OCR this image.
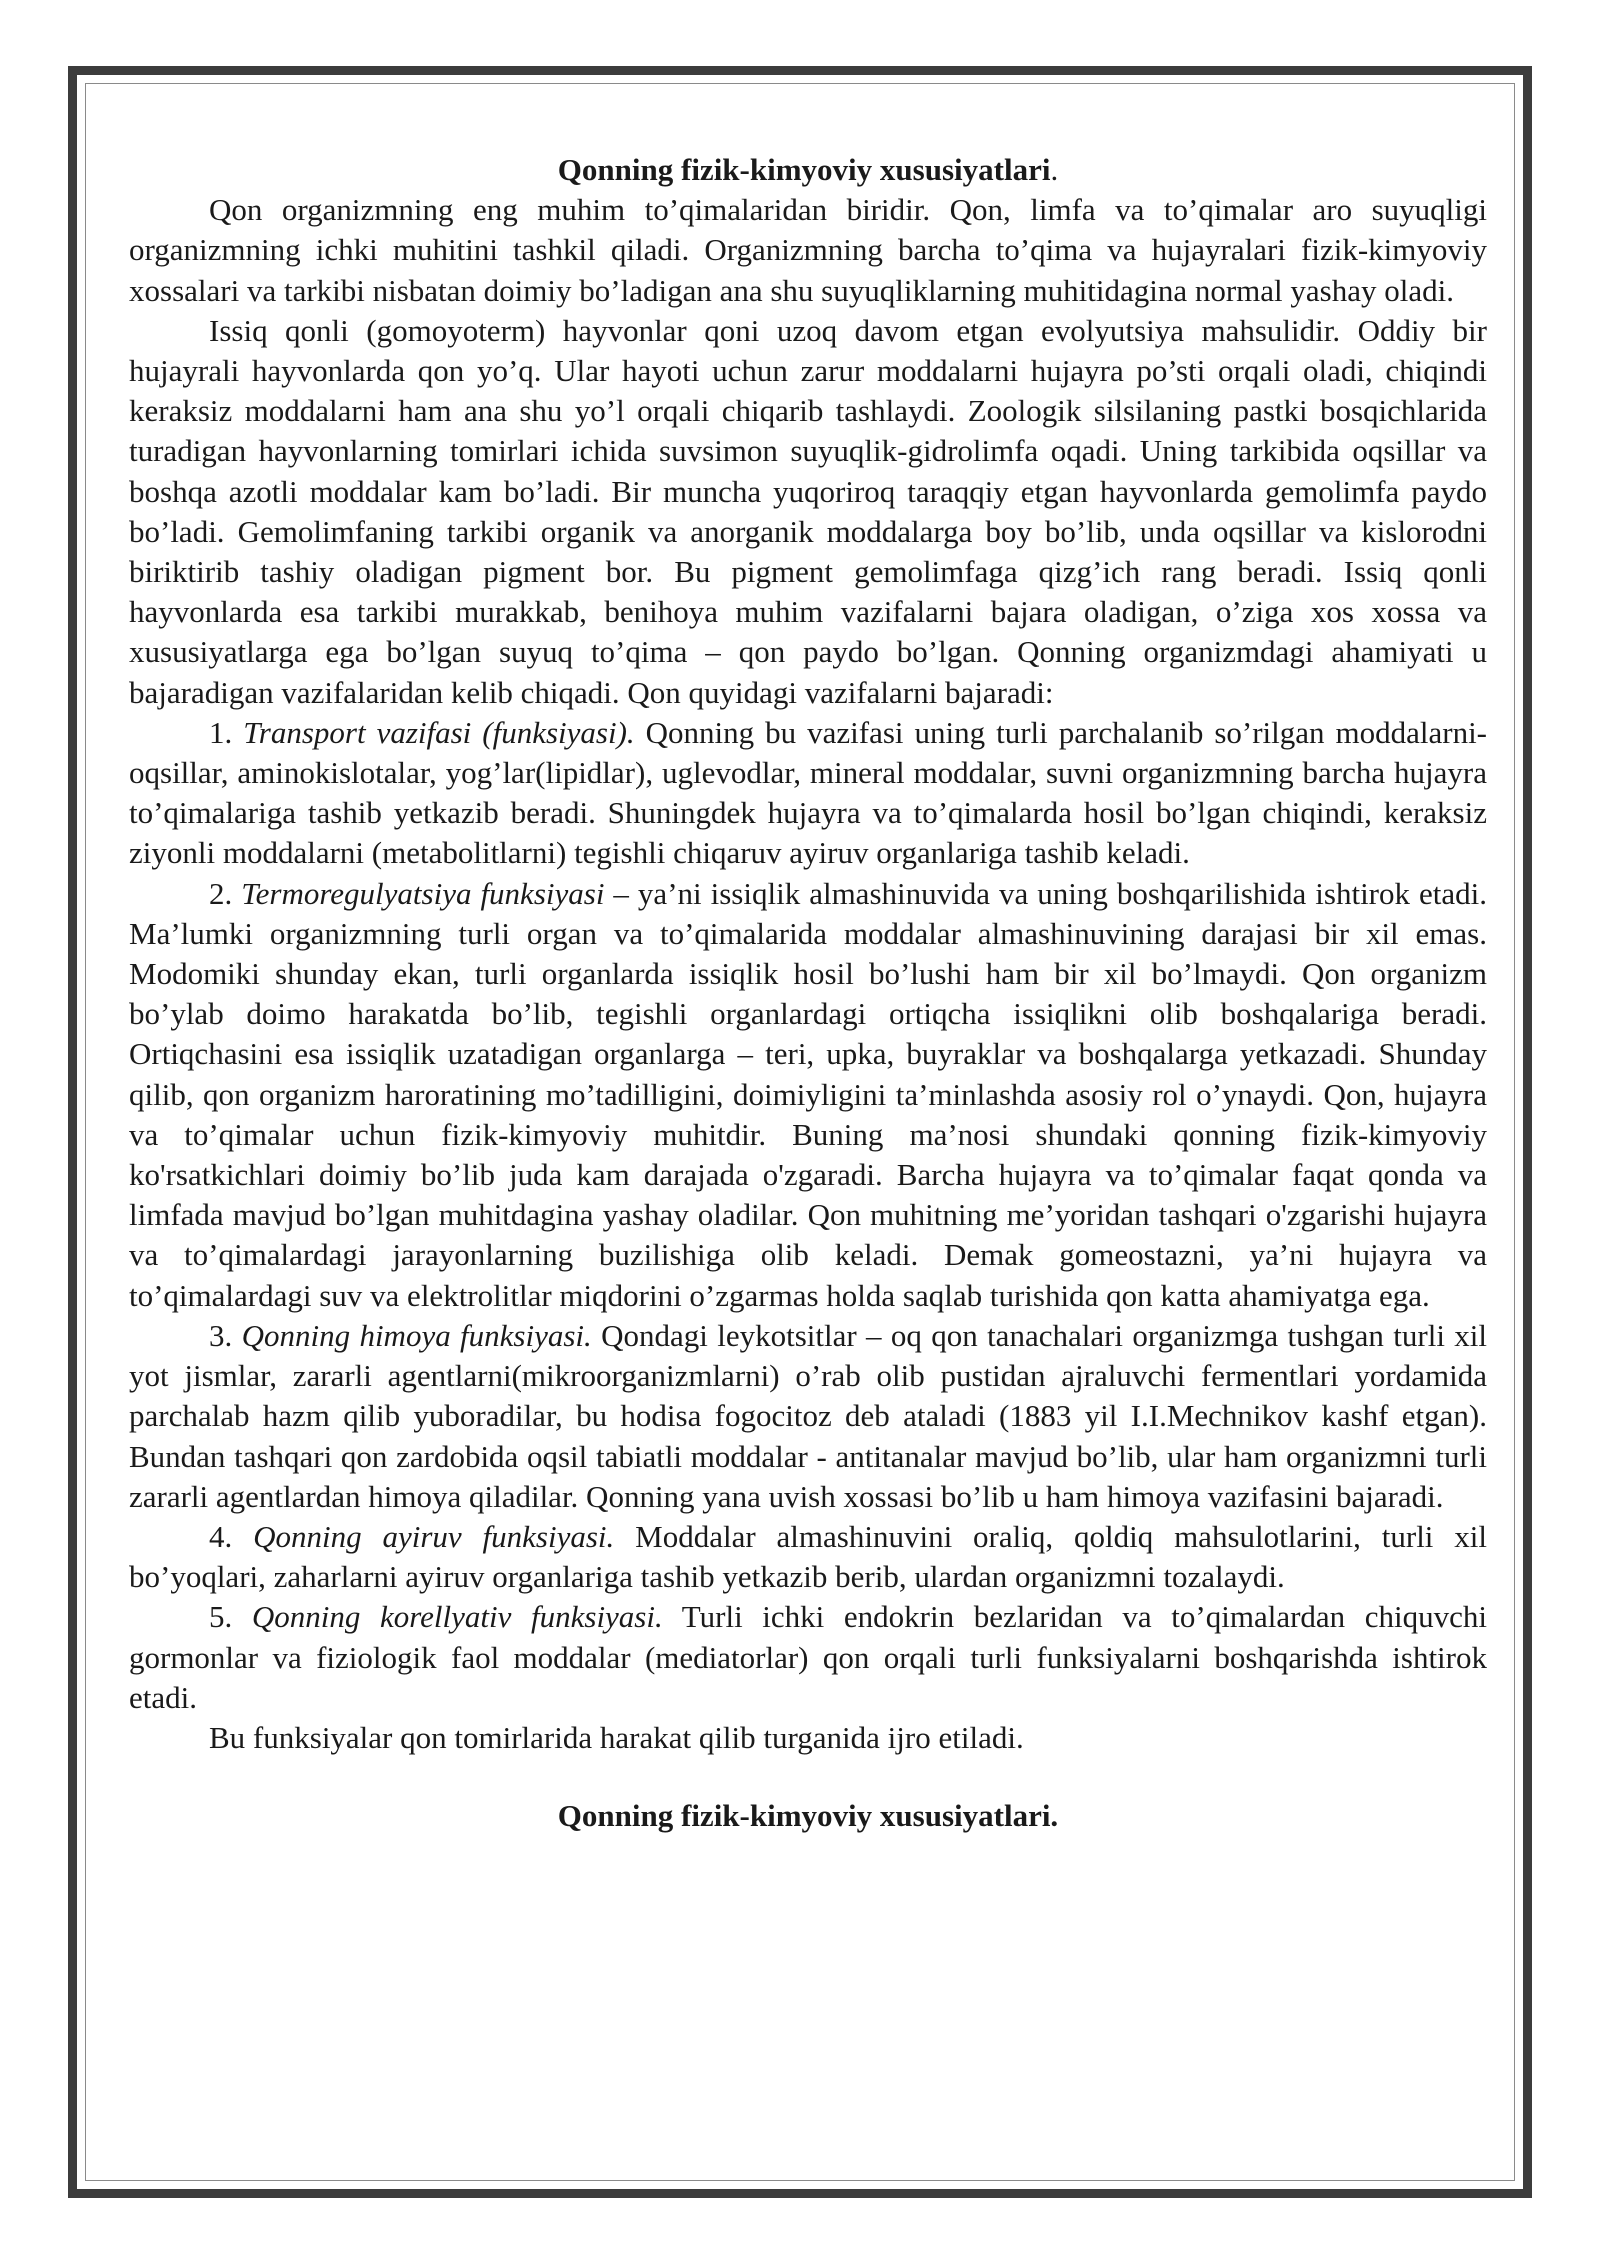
Qonning fizik-kimyoviy xususiyatlari.

Qon organizmning eng muhim to’qimalaridan biridir. Qon, limfa va to’qimalar aro suyuqligi organizmning ichki muhitini tashkil qiladi. Organizmning barcha to’qima va hujayralari fizik-kimyoviy xossalari va tarkibi nisbatan doimiy bo’ladigan ana shu suyuqliklarning muhitidagina normal yashay oladi.

Issiq qonli (gomoyoterm) hayvonlar qoni uzoq davom etgan evolyutsiya mahsulidir. Oddiy bir hujayrali hayvonlarda qon yo’q. Ular hayoti uchun zarur moddalarni hujayra po’sti orqali oladi, chiqindi keraksiz moddalarni ham ana shu yo’l orqali chiqarib tashlaydi. Zoologik silsilaning pastki bosqichlarida turadigan hayvonlarning tomirlari ichida suvsimon suyuqlik-gidrolimfa oqadi. Uning tarkibida oqsillar va boshqa azotli moddalar kam bo’ladi. Bir muncha yuqoriroq taraqqiy etgan hayvonlarda gemolimfa paydo bo’ladi. Gemolimfaning tarkibi organik va anorganik moddalarga boy bo’lib, unda oqsillar va kislorodni biriktirib tashiy oladigan pigment bor. Bu pigment gemolimfaga qizg’ich rang beradi. Issiq qonli hayvonlarda esa tarkibi murakkab, benihoya muhim vazifalarni bajara oladigan, o’ziga xos xossa va xususiyatlarga ega bo’lgan suyuq to’qima – qon paydo bo’lgan. Qonning organizmdagi ahamiyati u bajaradigan vazifalaridan kelib chiqadi. Qon quyidagi vazifalarni bajaradi:

1. Transport vazifasi (funksiyasi). Qonning bu vazifasi uning turli parchalanib so’rilgan moddalarni- oqsillar, aminokislotalar, yog’lar(lipidlar), uglevodlar, mineral moddalar, suvni organizmning barcha hujayra to’qimalariga tashib yetkazib beradi. Shuningdek hujayra va to’qimalarda hosil bo’lgan chiqindi, keraksiz ziyonli moddalarni (metabolitlarni) tegishli chiqaruv ayiruv organlariga tashib keladi.

2. Termoregulyatsiya funksiyasi – ya’ni issiqlik almashinuvida va uning boshqarilishida ishtirok etadi. Ma’lumki organizmning turli organ va to’qimalarida moddalar almashinuvining darajasi bir xil emas. Modomiki shunday ekan, turli organlarda issiqlik hosil bo’lushi ham bir xil bo’lmaydi. Qon organizm bo’ylab doimo harakatda bo’lib, tegishli organlardagi ortiqcha issiqlikni olib boshqalariga beradi. Ortiqchasini esa issiqlik uzatadigan organlarga – teri, upka, buyraklar va boshqalarga yetkazadi. Shunday qilib, qon organizm haroratining mo’tadilligini, doimiyligini ta’minlashda asosiy rol o’ynaydi. Qon, hujayra va to’qimalar uchun fizik-kimyoviy muhitdir. Buning ma’nosi shundaki qonning fizik-kimyoviy ko'rsatkichlari doimiy bo’lib juda kam darajada o'zgaradi. Barcha hujayra va to’qimalar faqat qonda va limfada mavjud bo’lgan muhitdagina yashay oladilar. Qon muhitning me’yoridan tashqari o'zgarishi hujayra va to’qimalardagi jarayonlarning buzilishiga olib keladi. Demak gomeostazni, ya’ni hujayra va to’qimalardagi suv va elektrolitlar miqdorini o’zgarmas holda saqlab turishida qon katta ahamiyatga ega.

3. Qonning himoya funksiyasi. Qondagi leykotsitlar – oq qon tanachalari organizmga tushgan turli xil yot jismlar, zararli agentlarni(mikroorganizmlarni) o’rab olib pustidan ajraluvchi fermentlari yordamida parchalab hazm qilib yuboradilar, bu hodisa fogocitoz deb ataladi (1883 yil I.I.Mechnikov kashf etgan). Bundan tashqari qon zardobida oqsil tabiatli moddalar - antitanalar mavjud bo’lib, ular ham organizmni turli zararli agentlardan himoya qiladilar. Qonning yana uvish xossasi bo’lib u ham himoya vazifasini bajaradi.

4. Qonning ayiruv funksiyasi. Moddalar almashinuvini oraliq, qoldiq mahsulotlarini, turli xil bo’yoqlari, zaharlarni ayiruv organlariga tashib yetkazib berib, ulardan organizmni tozalaydi.

5. Qonning korellyativ funksiyasi. Turli ichki endokrin bezlaridan va to’qimalardan chiquvchi gormonlar va fiziologik faol moddalar (mediatorlar) qon orqali turli funksiyalarni boshqarishda ishtirok etadi.

Bu funksiyalar qon tomirlarida harakat qilib turganida ijro etiladi.

Qonning fizik-kimyoviy xususiyatlari.
